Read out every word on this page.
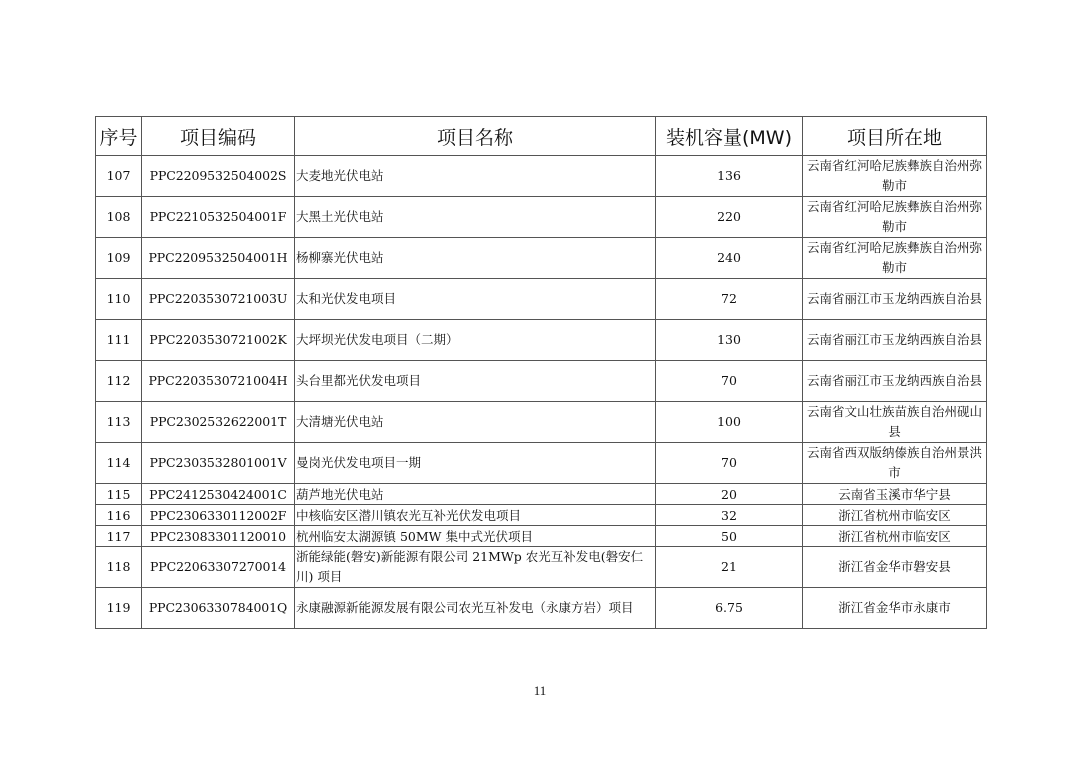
序号	项目编码	项目名称	装机容量(MW)	项目所在地
107	PPC2209532504002S	大麦地光伏电站	136	云南省红河哈尼族彝族自治州弥勒市
108	PPC2210532504001F	大黑土光伏电站	220	云南省红河哈尼族彝族自治州弥勒市
109	PPC2209532504001H	杨柳寨光伏电站	240	云南省红河哈尼族彝族自治州弥勒市
110	PPC2203530721003U	太和光伏发电项目	72	云南省丽江市玉龙纳西族自治县
111	PPC2203530721002K	大坪坝光伏发电项目（二期）	130	云南省丽江市玉龙纳西族自治县
112	PPC2203530721004H	头台里都光伏发电项目	70	云南省丽江市玉龙纳西族自治县
113	PPC2302532622001T	大清塘光伏电站	100	云南省文山壮族苗族自治州砚山县
114	PPC2303532801001V	曼岗光伏发电项目一期	70	云南省西双版纳傣族自治州景洪市
115	PPC2412530424001C	葫芦地光伏电站	20	云南省玉溪市华宁县
116	PPC2306330112002F	中核临安区潜川镇农光互补光伏发电项目	32	浙江省杭州市临安区
117	PPC23083301120010	杭州临安太湖源镇 50MW 集中式光伏项目	50	浙江省杭州市临安区
118	PPC22063307270014	浙能绿能(磐安)新能源有限公司 21MWp 农光互补发电(磐安仁川) 项目	21	浙江省金华市磐安县
119	PPC2306330784001Q	永康融源新能源发展有限公司农光互补发电（永康方岩）项目	6.75	浙江省金华市永康市
11
